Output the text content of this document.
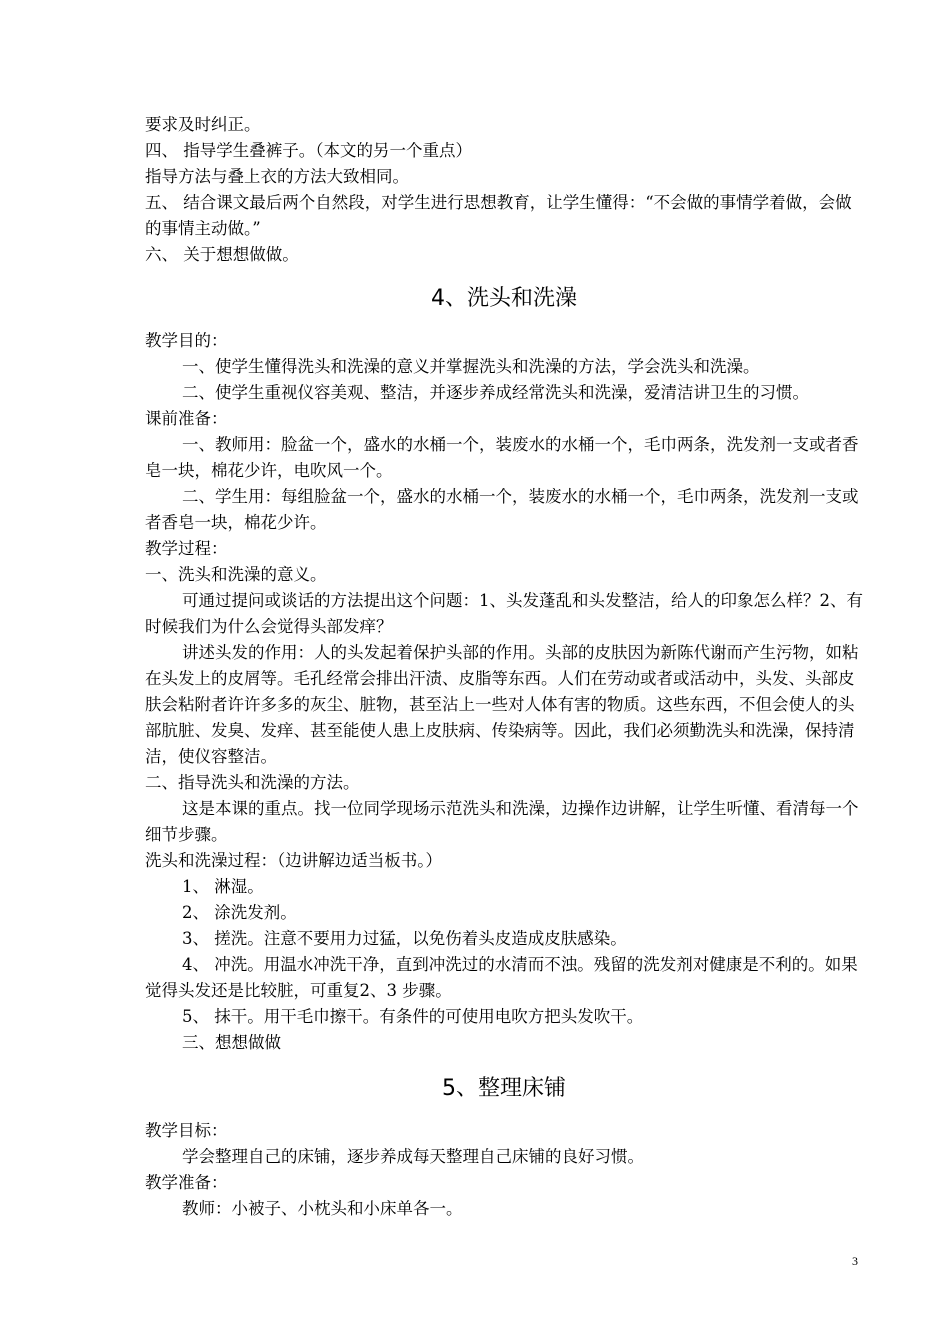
要求及时纠正。

四、 指导学生叠裤子。（本文的另一个重点）

指导方法与叠上衣的方法大致相同。

五、 结合课文最后两个自然段，对学生进行思想教育，让学生懂得：“不会做的事情学着做，会做的事情主动做。”

六、 关于想想做做。

4、洗头和洗澡

教学目的：

一、使学生懂得洗头和洗澡的意义并掌握洗头和洗澡的方法，学会洗头和洗澡。

二、使学生重视仪容美观、整洁，并逐步养成经常洗头和洗澡，爱清洁讲卫生的习惯。

课前准备：

一、教师用：脸盆一个，盛水的水桶一个，装废水的水桶一个，毛巾两条，洗发剂一支或者香皂一块，棉花少许，电吹风一个。

二、学生用：每组脸盆一个，盛水的水桶一个，装废水的水桶一个，毛巾两条，洗发剂一支或者香皂一块，棉花少许。

教学过程：

一、洗头和洗澡的意义。

可通过提问或谈话的方法提出这个问题：1、头发蓬乱和头发整洁，给人的印象怎么样？2、有时候我们为什么会觉得头部发痒？

讲述头发的作用：人的头发起着保护头部的作用。头部的皮肤因为新陈代谢而产生污物，如粘在头发上的皮屑等。毛孔经常会排出汗渍、皮脂等东西。人们在劳动或者或活动中，头发、头部皮肤会粘附者许许多多的灰尘、脏物，甚至沾上一些对人体有害的物质。这些东西，不但会使人的头部肮脏、发臭、发痒、甚至能使人患上皮肤病、传染病等。因此，我们必须勤洗头和洗澡，保持清洁，使仪容整洁。

二、指导洗头和洗澡的方法。

这是本课的重点。找一位同学现场示范洗头和洗澡，边操作边讲解，让学生听懂、看清每一个细节步骤。

洗头和洗澡过程：（边讲解边适当板书。）

1、 淋湿。

2、 涂洗发剂。

3、 搓洗。注意不要用力过猛，以免伤着头皮造成皮肤感染。

4、 冲洗。用温水冲洗干净，直到冲洗过的水清而不浊。残留的洗发剂对健康是不利的。如果觉得头发还是比较脏，可重复2、3 步骤。

5、 抹干。用干毛巾擦干。有条件的可使用电吹方把头发吹干。

三、想想做做

5、整理床铺

教学目标：

学会整理自己的床铺，逐步养成每天整理自己床铺的良好习惯。

教学准备：

教师：小被子、小枕头和小床单各一。

3
